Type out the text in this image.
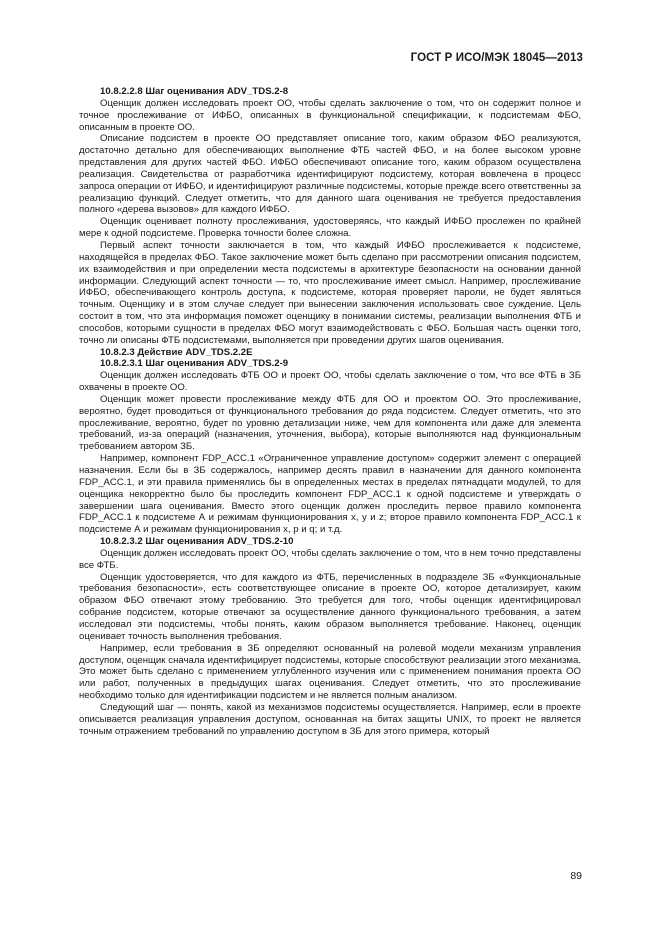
ГОСТ Р ИСО/МЭК 18045—2013

10.8.2.2.8 Шаг оценивания ADV_TDS.2-8

Оценщик должен исследовать проект ОО, чтобы сделать заключение о том, что он содержит полное и точное прослеживание от ИФБО, описанных в функциональной спецификации, к подсистемам ФБО, описанным в проекте ОО.

Описание подсистем в проекте ОО представляет описание того, каким образом ФБО реализуются, достаточно детально для обеспечивающих выполнение ФТБ частей ФБО, и на более высоком уровне представления для других частей ФБО. ИФБО обеспечивают описание того, каким образом осуществлена реализация. Свидетельства от разработчика идентифицируют подсистему, которая вовлечена в процесс запроса операции от ИФБО, и идентифицируют различные подсистемы, которые прежде всего ответственны за реализацию функций. Следует отметить, что для данного шага оценивания не требуется предоставления полного «дерева вызовов» для каждого ИФБО.

Оценщик оценивает полноту прослеживания, удостоверяясь, что каждый ИФБО прослежен по крайней мере к одной подсистеме. Проверка точности более сложна.

Первый аспект точности заключается в том, что каждый ИФБО прослеживается к подсистеме, находящейся в пределах ФБО. Такое заключение может быть сделано при рассмотрении описания подсистем, их взаимодействия и при определении места подсистемы в архитектуре безопасности на основании данной информации. Следующий аспект точности — то, что прослеживание имеет смысл. Например, прослеживание ИФБО, обеспечивающего контроль доступа, к подсистеме, которая проверяет пароли, не будет являться точным. Оценщику и в этом случае следует при вынесении заключения использовать свое суждение. Цель состоит в том, что эта информация поможет оценщику в понимании системы, реализации выполнения ФТБ и способов, которыми сущности в пределах ФБО могут взаимодействовать с ФБО. Большая часть оценки того, точно ли описаны ФТБ подсистемами, выполняется при проведении других шагов оценивания.

10.8.2.3 Действие ADV_TDS.2.2E

10.8.2.3.1 Шаг оценивания ADV_TDS.2-9

Оценщик должен исследовать ФТБ ОО и проект ОО, чтобы сделать заключение о том, что все ФТБ в ЗБ охвачены в проекте ОО.

Оценщик может провести прослеживание между ФТБ для ОО и проектом ОО. Это прослеживание, вероятно, будет проводиться от функционального требования до ряда подсистем. Следует отметить, что это прослеживание, вероятно, будет по уровню детализации ниже, чем для компонента или даже для элемента требований, из-за операций (назначения, уточнения, выбора), которые выполняются над функциональным требованием автором ЗБ.

Например, компонент FDP_ACC.1 «Ограниченное управление доступом» содержит элемент с операцией назначения. Если бы в ЗБ содержалось, например десять правил в назначении для данного компонента FDP_ACC.1, и эти правила применялись бы в определенных местах в пределах пятнадцати модулей, то для оценщика некорректно было бы проследить компонент FDP_ACC.1 к одной подсистеме и утверждать о завершении шага оценивания. Вместо этого оценщик должен проследить первое правило компонента FDP_ACC.1 к подсистеме А и режимам функционирования x, y и z; второе правило компонента FDP_ACC.1 к подсистеме А и режимам функционирования x, p и q; и т.д.

10.8.2.3.2 Шаг оценивания ADV_TDS.2-10

Оценщик должен исследовать проект ОО, чтобы сделать заключение о том, что в нем точно представлены все ФТБ.

Оценщик удостоверяется, что для каждого из ФТБ, перечисленных в подразделе ЗБ «Функциональные требования безопасности», есть соответствующее описание в проекте ОО, которое детализирует, каким образом ФБО отвечают этому требованию. Это требуется для того, чтобы оценщик идентифицировал собрание подсистем, которые отвечают за осуществление данного функционального требования, а затем исследовал эти подсистемы, чтобы понять, каким образом выполняется требование. Наконец, оценщик оценивает точность выполнения требования.

Например, если требования в ЗБ определяют основанный на ролевой модели механизм управления доступом, оценщик сначала идентифицирует подсистемы, которые способствуют реализации этого механизма. Это может быть сделано с применением углубленного изучения или с применением понимания проекта ОО или работ, полученных в предыдущих шагах оценивания. Следует отметить, что это прослеживание необходимо только для идентификации подсистем и не является полным анализом.

Следующий шаг — понять, какой из механизмов подсистемы осуществляется. Например, если в проекте описывается реализация управления доступом, основанная на битах защиты UNIX, то проект не является точным отражением требований по управлению доступом в ЗБ для этого примера, который

89
